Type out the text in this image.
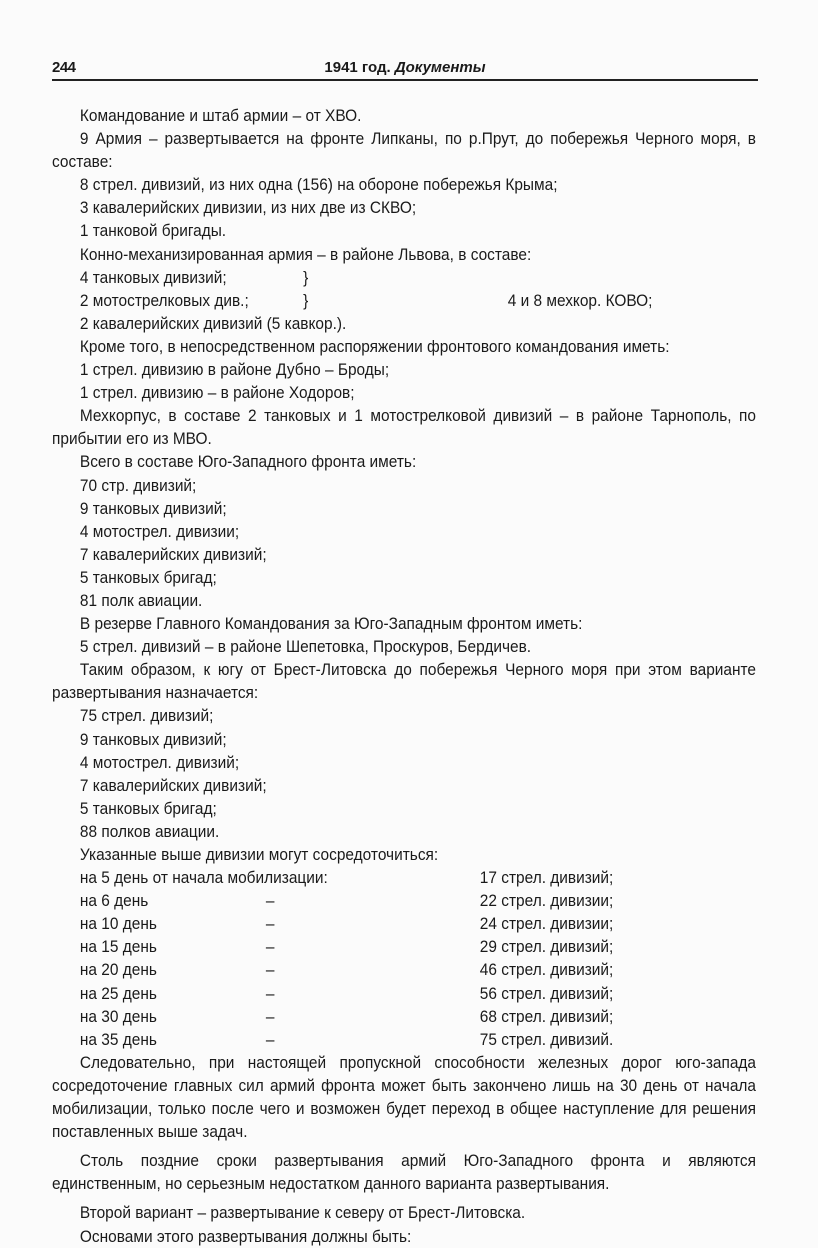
244	1941 год. Документы

Командование и штаб армии – от ХВО.

9 Армия – развертывается на фронте Липканы, по р.Прут, до побережья Черного моря, в составе:

8 стрел. дивизий, из них одна (156) на обороне побережья Крыма;

3 кавалерийских дивизии, из них две из СКВО;

1 танковой бригады.

Конно-механизированная армия – в районе Львова, в составе:

4 танковых дивизий;	}
2 мотострелковых див.;	}	4 и 8 мехкор. КОВО;

2 кавалерийских дивизий (5 кавкор.).

Кроме того, в непосредственном распоряжении фронтового командования иметь:

1 стрел. дивизию в районе Дубно – Броды;

1 стрел. дивизию – в районе Ходоров;

Мехкорпус, в составе 2 танковых и 1 мотострелковой дивизий – в районе Тарнополь, по прибытии его из МВО.

Всего в составе Юго-Западного фронта иметь:

70 стр. дивизий;

9 танковых дивизий;

4 мотострел. дивизии;

7 кавалерийских дивизий;

5 танковых бригад;

81 полк авиации.

В резерве Главного Командования за Юго-Западным фронтом иметь:

5 стрел. дивизий – в районе Шепетовка, Проскуров, Бердичев.

Таким образом, к югу от Брест-Литовска до побережья Черного моря при этом варианте развертывания назначается:

75 стрел. дивизий;

9 танковых дивизий;

4 мотострел. дивизий;

7 кавалерийских дивизий;

5 танковых бригад;

88 полков авиации.

Указанные выше дивизии могут сосредоточиться:

на 5 день от начала мобилизации:	17 стрел. дивизий;
на 6 день	–	22 стрел. дивизии;
на 10 день	–	24 стрел. дивизии;
на 15 день	–	29 стрел. дивизий;
на 20 день	–	46 стрел. дивизий;
на 25 день	–	56 стрел. дивизий;
на 30 день	–	68 стрел. дивизий;
на 35 день	–	75 стрел. дивизий.

Следовательно, при настоящей пропускной способности железных дорог юго-запада сосредоточение главных сил армий фронта может быть закончено лишь на 30 день от начала мобилизации, только после чего и возможен будет переход в общее наступление для решения поставленных выше задач.

Столь поздние сроки развертывания армий Юго-Западного фронта и являются единственным, но серьезным недостатком данного варианта развертывания.

Второй вариант – развертывание к северу от Брест-Литовска.

Основами этого развертывания должны быть:
